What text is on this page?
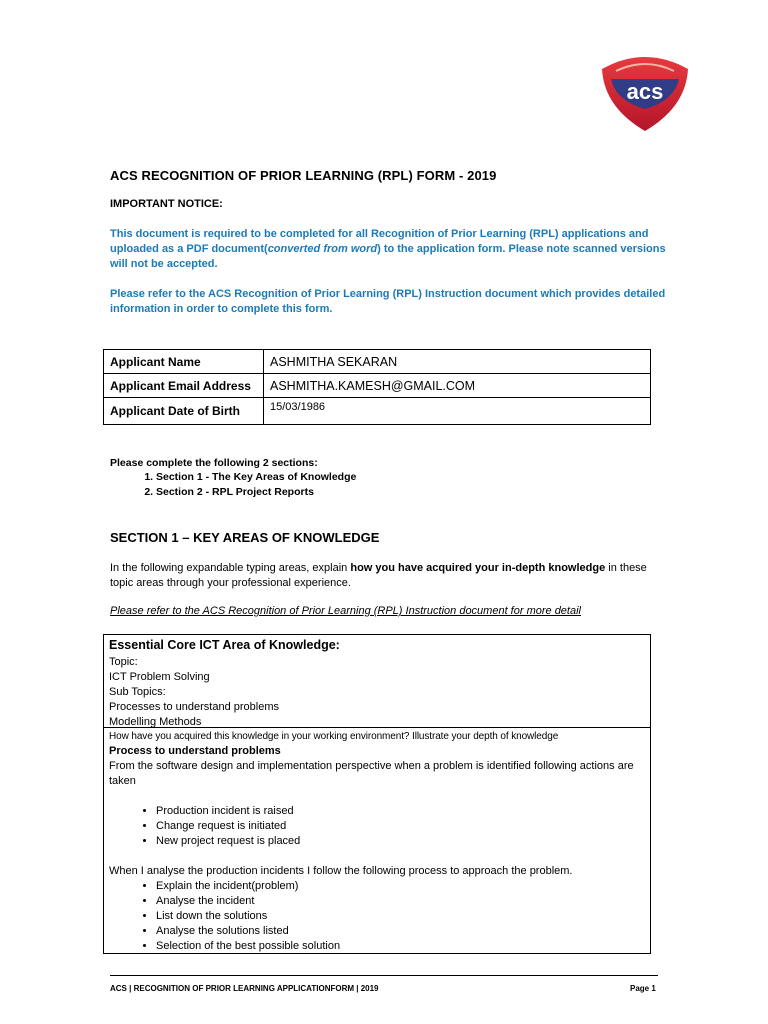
acs
ACS RECOGNITION OF PRIOR LEARNING (RPL) FORM - 2019
IMPORTANT NOTICE:
This document is required to be completed for all Recognition of Prior Learning (RPL) applications and uploaded as a PDF document(converted from word) to the application form. Please note scanned versions will not be accepted.
Please refer to the ACS Recognition of Prior Learning (RPL) Instruction document which provides detailed information in order to complete this form.
Applicant Name	ASHMITHA SEKARAN
Applicant Email Address	ASHMITHA.KAMESH@GMAIL.COM
Applicant Date of Birth	15/03/1986
Please complete the following 2 sections:
1. Section 1 - The Key Areas of Knowledge
2. Section 2 - RPL Project Reports
SECTION 1 – KEY AREAS OF KNOWLEDGE
In the following expandable typing areas, explain how you have acquired your in-depth knowledge in these topic areas through your professional experience.
Please refer to the ACS Recognition of Prior Learning (RPL) Instruction document for more detail
Essential Core ICT Area of Knowledge:
Topic:
ICT Problem Solving
Sub Topics:
Processes to understand problems
Modelling Methods
How have you acquired this knowledge in your working environment? Illustrate your depth of knowledge
Process to understand problems
From the software design and implementation perspective when a problem is identified following actions are taken
• Production incident is raised
• Change request is initiated
• New project request is placed
When I analyse the production incidents I follow the following process to approach the problem.
• Explain the incident(problem)
• Analyse the incident
• List down the solutions
• Analyse the solutions listed
• Selection of the best possible solution
ACS | RECOGNITION OF PRIOR LEARNING APPLICATIONFORM | 2019	Page 1
